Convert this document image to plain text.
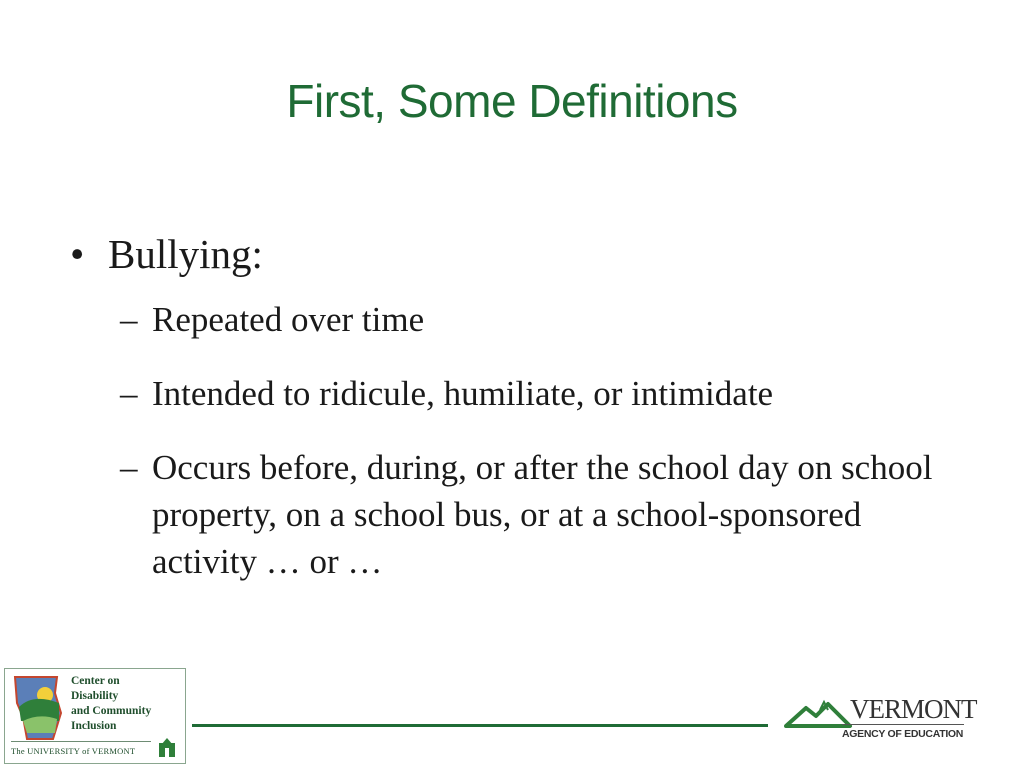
First, Some Definitions
• Bullying:
– Repeated over time
– Intended to ridicule, humiliate, or intimidate
– Occurs before, during, or after the school day on school property, on a school bus, or at a school-sponsored activity … or …
Center on
Disability
and Community
Inclusion
The UNIVERSITY of VERMONT
VERMONT
AGENCY OF EDUCATION
